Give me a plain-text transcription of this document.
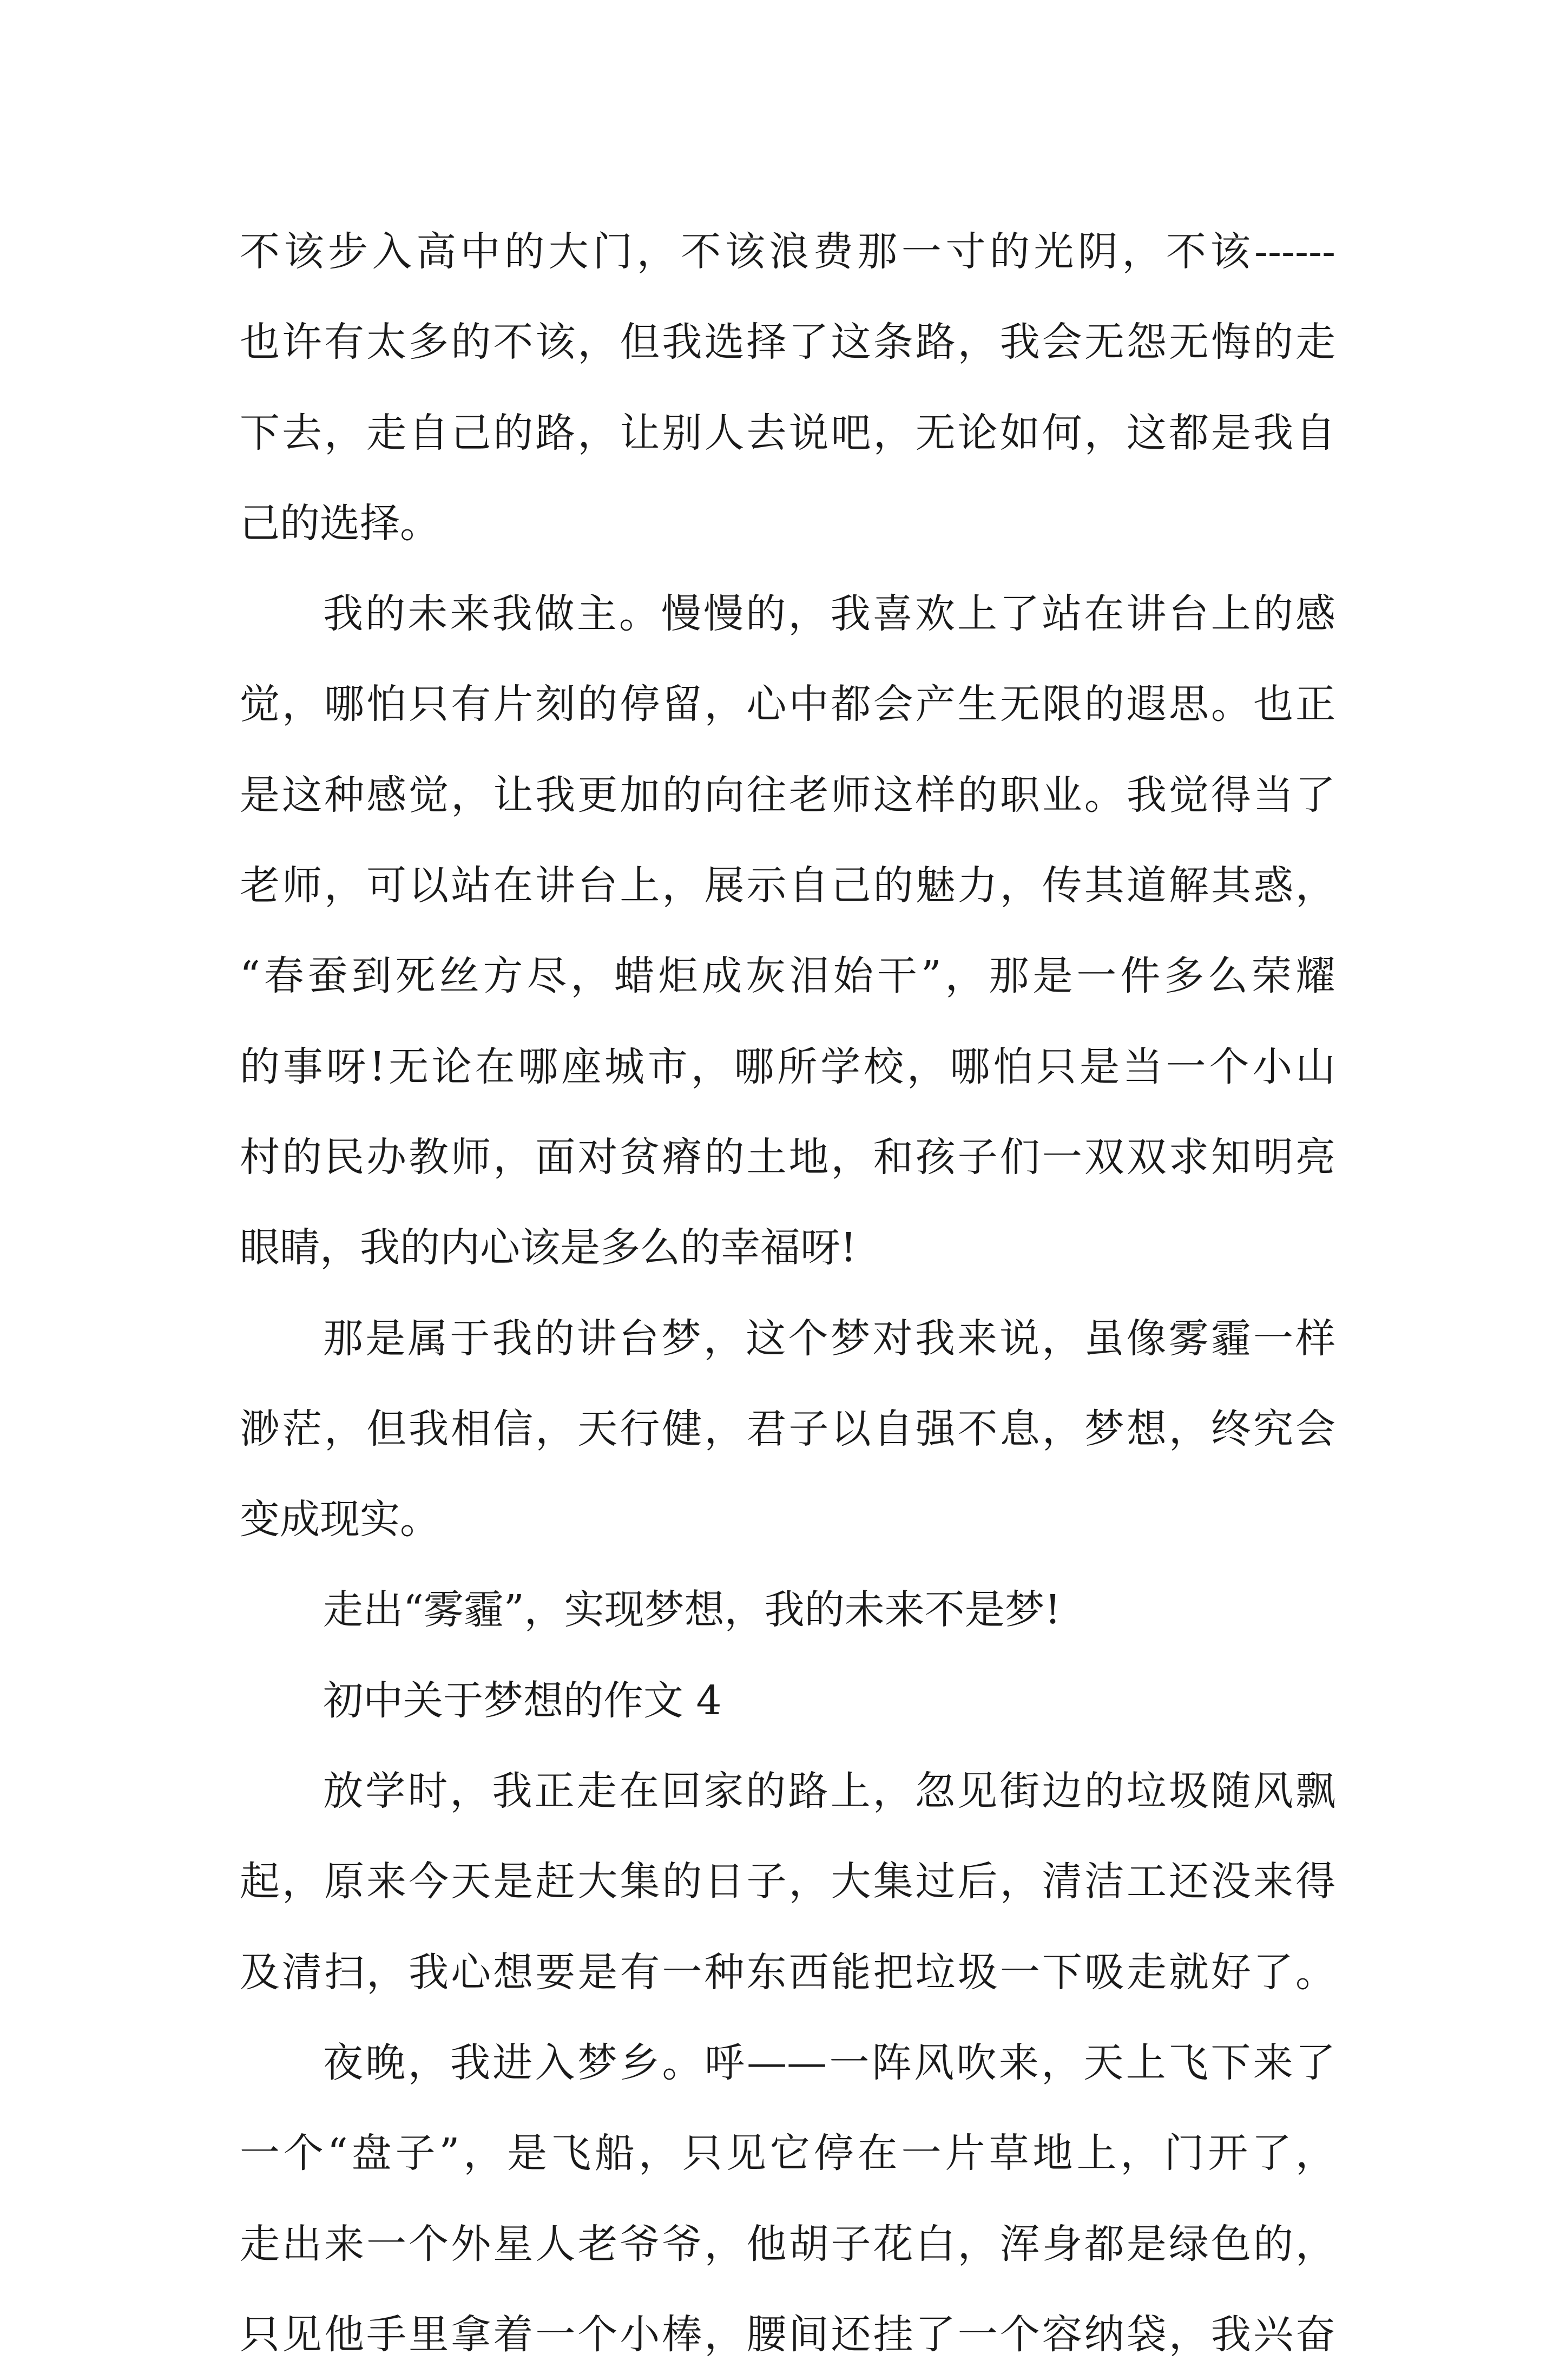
不该步入高中的大门，不该浪费那一寸的光阴，不该------
也许有太多的不该，但我选择了这条路，我会无怨无悔的走
下去，走自己的路，让别人去说吧，无论如何，这都是我自
己的选择。
我的未来我做主。慢慢的，我喜欢上了站在讲台上的感
觉，哪怕只有片刻的停留，心中都会产生无限的遐思。也正
是这种感觉，让我更加的向往老师这样的职业。我觉得当了
老师，可以站在讲台上，展示自己的魅力，传其道解其惑，
“春蚕到死丝方尽，蜡炬成灰泪始干”，那是一件多么荣耀
的事呀!无论在哪座城市，哪所学校，哪怕只是当一个小山
村的民办教师，面对贫瘠的土地，和孩子们一双双求知明亮
眼睛，我的内心该是多么的幸福呀!
那是属于我的讲台梦，这个梦对我来说，虽像雾霾一样
渺茫，但我相信，天行健，君子以自强不息，梦想，终究会
变成现实。
走出“雾霾”，实现梦想，我的未来不是梦!
初中关于梦想的作文 4
放学时，我正走在回家的路上，忽见街边的垃圾随风飘
起，原来今天是赶大集的日子，大集过后，清洁工还没来得
及清扫，我心想要是有一种东西能把垃圾一下吸走就好了。
夜晚，我进入梦乡。呼——一阵风吹来，天上飞下来了
一个“盘子”，是飞船，只见它停在一片草地上，门开了，
走出来一个外星人老爷爷，他胡子花白，浑身都是绿色的，
只见他手里拿着一个小棒，腰间还挂了一个容纳袋，我兴奋
